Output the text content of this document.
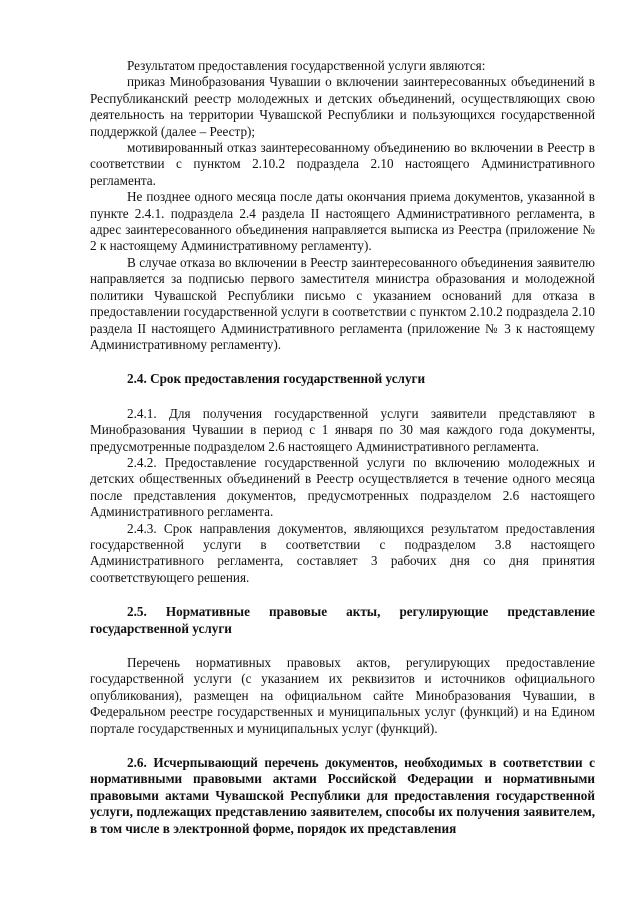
Результатом предоставления государственной услуги являются:

приказ Минобразования Чувашии о включении заинтересованных объединений в Республиканский реестр молодежных и детских объединений, осуществляющих свою деятельность на территории Чувашской Республики и пользующихся государственной поддержкой (далее – Реестр);

мотивированный отказ заинтересованному объединению во включении в Реестр в соответствии с пунктом 2.10.2 подраздела 2.10 настоящего Административного регламента.

Не позднее одного месяца после даты окончания приема документов, указанной в пункте 2.4.1. подраздела 2.4 раздела II настоящего Административного регламента, в адрес заинтересованного объединения направляется выписка из Реестра (приложение № 2 к настоящему Административному регламенту).

В случае отказа во включении в Реестр заинтересованного объединения заявителю направляется за подписью первого заместителя министра образования и молодежной политики Чувашской Республики письмо с указанием оснований для отказа в предоставлении государственной услуги в соответствии с пунктом 2.10.2 подраздела 2.10 раздела II настоящего Административного регламента (приложение № 3 к настоящему Административному регламенту).

2.4. Срок предоставления государственной услуги

2.4.1. Для получения государственной услуги заявители представляют в Минобразования Чувашии в период с 1 января по 30 мая каждого года документы, предусмотренные подразделом 2.6 настоящего Административного регламента.

2.4.2. Предоставление государственной услуги по включению молодежных и детских общественных объединений в Реестр осуществляется в течение одного месяца после представления документов, предусмотренных подразделом 2.6 настоящего Административного регламента.

2.4.3. Срок направления документов, являющихся результатом предоставления государственной услуги в соответствии с подразделом 3.8 настоящего Административного регламента, составляет 3 рабочих дня со дня принятия соответствующего решения.

2.5. Нормативные правовые акты, регулирующие представление государственной услуги

Перечень нормативных правовых актов, регулирующих предоставление государственной услуги (с указанием их реквизитов и источников официального опубликования), размещен на официальном сайте Минобразования Чувашии, в Федеральном реестре государственных и муниципальных услуг (функций) и на Едином портале государственных и муниципальных услуг (функций).

2.6. Исчерпывающий перечень документов, необходимых в соответствии с нормативными правовыми актами Российской Федерации и нормативными правовыми актами Чувашской Республики для предоставления государственной услуги, подлежащих представлению заявителем, способы их получения заявителем, в том числе в электронной форме, порядок их представления
